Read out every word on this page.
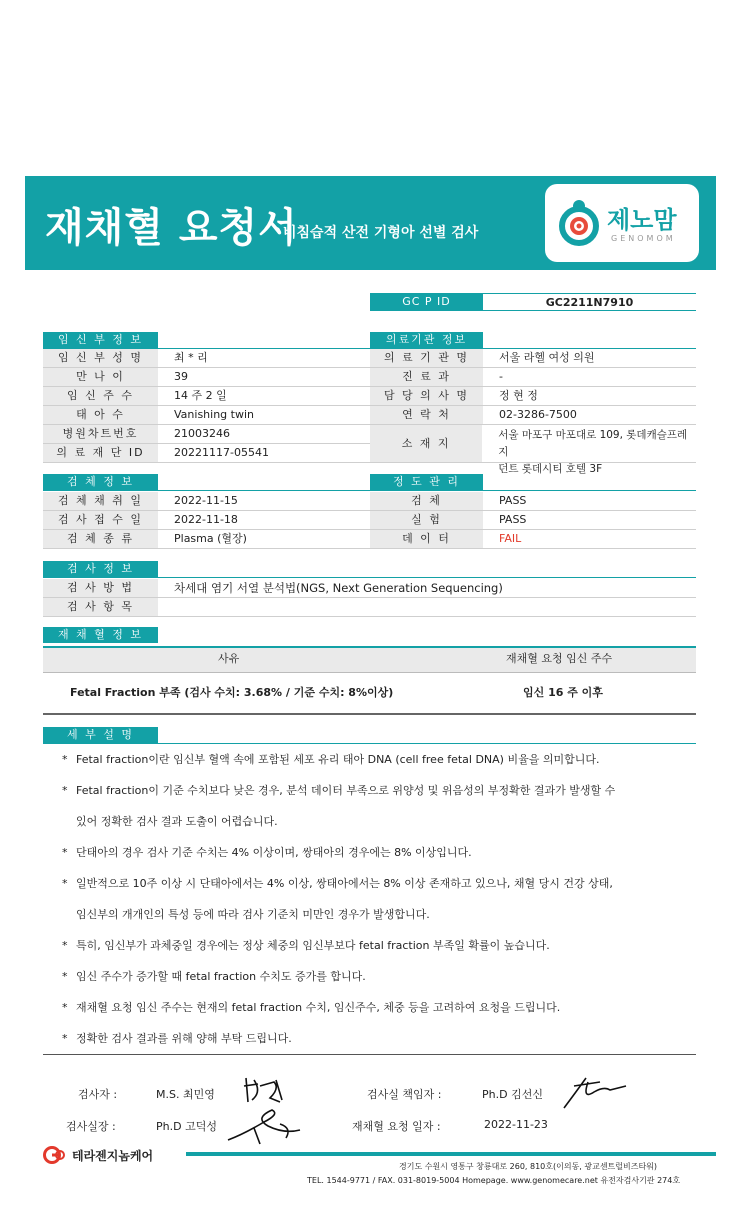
재채혈 요청서
비침습적 산전 기형아 선별 검사	제노맘
GENOMOM
GC P ID	GC2211N7910
임 신 부 정 보
임 신 부 성 명	최 * 리
만 나 이	39
임 신 주 수	14 주 2 일
태 아 수	Vanishing twin
병원차트번호	21003246
의 료 재 단 ID	20221117-05541
의료기관 정보
의 료 기 관 명	서울 라헬 여성 의원
진 료 과	-
담 당 의 사 명	정 현 정
연 락 처	02-3286-7500
소 재 지
서울 마포구 마포대로 109, 롯데캐슬프레지
던트 롯데시티 호텔 3F
검 체 정 보
검 체 채 취 일	2022-11-15
검 사 접 수 일	2022-11-18
검 체 종 류	Plasma (혈장)
정 도 관 리
검 체	PASS
실 험	PASS
데 이 터	FAIL
검 사 정 보
검 사 방 법	차세대 염기 서열 분석법(NGS, Next Generation Sequencing)
검 사 항 목
재 채 혈 정 보
사유	재채혈 요청 임신 주수
Fetal Fraction 부족 (검사 수치: 3.68% / 기준 수치: 8%이상)	임신 16 주 이후
세 부 설 명
* Fetal fraction이란 임신부 혈액 속에 포함된 세포 유리 태아 DNA (cell free fetal DNA) 비율을 의미합니다.
* Fetal fraction이 기준 수치보다 낮은 경우, 분석 데이터 부족으로 위양성 및 위음성의 부정확한 결과가 발생할 수
있어 정확한 검사 결과 도출이 어렵습니다.
* 단태아의 경우 검사 기준 수치는 4% 이상이며, 쌍태아의 경우에는 8% 이상입니다.
* 일반적으로 10주 이상 시 단태아에서는 4% 이상, 쌍태아에서는 8% 이상 존재하고 있으나, 채혈 당시 건강 상태,
임신부의 개개인의 특성 등에 따라 검사 기준치 미만인 경우가 발생합니다.
* 특히, 임신부가 과체중일 경우에는 정상 체중의 임신부보다 fetal fraction 부족일 확률이 높습니다.
* 임신 주수가 증가할 때 fetal fraction 수치도 증가를 합니다.
* 재채혈 요청 임신 주수는 현재의 fetal fraction 수치, 임신주수, 체중 등을 고려하여 요청을 드립니다.
* 정확한 검사 결과를 위해 양해 부탁 드립니다.
검사자 :	M.S. 최민영	검사실 책임자 :	Ph.D 김선신
검사실장 :	Ph.D 고덕성	재채혈 요청 일자 :	2022-11-23
테라젠지놈케어
경기도 수원시 영통구 창룡대로 260, 810호(이의동, 광교센트럴비즈타워)
TEL. 1544-9771 / FAX. 031-8019-5004 Homepage. www.genomecare.net 유전자검사기관 274호
